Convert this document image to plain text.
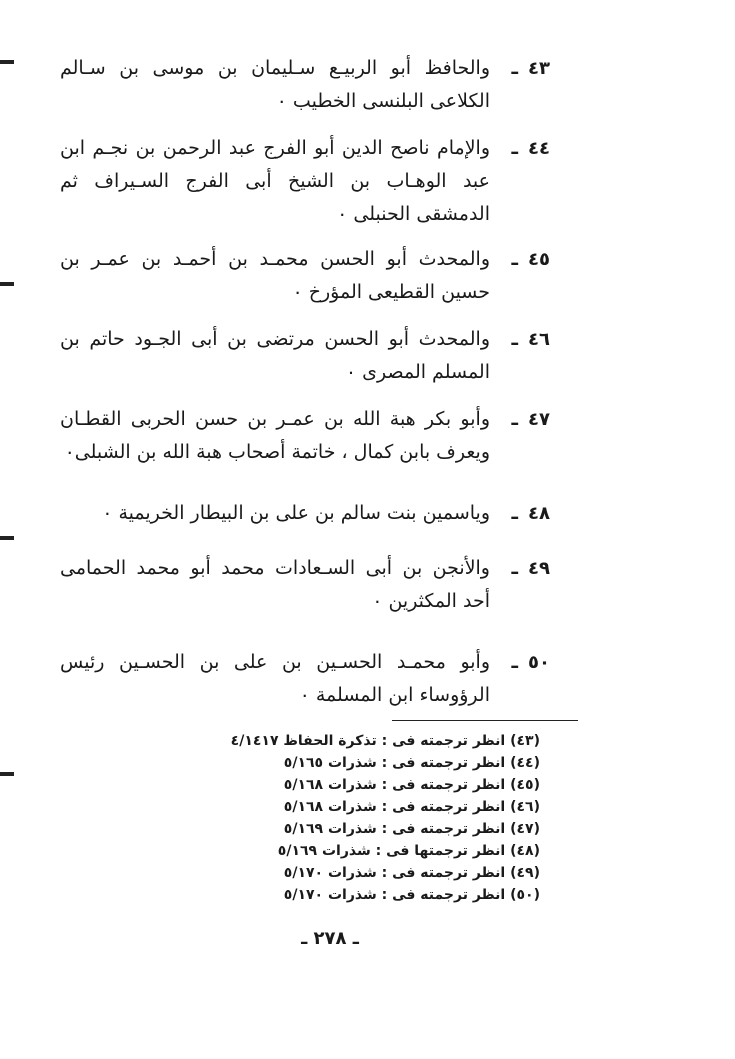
٤٣
ـ
والحافظ أبو الربيـع سـليمان بن موسى بن سـالم الكلاعى البلنسى الخطيب ٠
٤٤
ـ
والإمام ناصح الدين أبو الفرج عبد الرحمن بن نجـم ابن عبد الوهـاب بن الشيخ أبى الفرج السـيراف ثم الدمشقى الحنبلى ٠
٤٥
ـ
والمحدث أبو الحسن محمـد بن أحمـد بن عمـر بن حسين القطيعى المؤرخ ٠
٤٦
ـ
والمحدث أبو الحسن مرتضى بن أبى الجـود حاتم بن المسلم المصرى ٠
٤٧
ـ
وأبو بكر هبة الله بن عمـر بن حسن الحربى القطـان ويعرف بابن كمال ، خاتمة أصحاب هبة الله بن الشبلى٠
٤٨
ـ
وياسمين بنت سالم بن على بن البيطار الخريمية ٠
٤٩
ـ
والأنجن بن أبى السـعادات محمد أبو محمد الحمامى أحد المكثرين ٠
٥٠
ـ
وأبو محمـد الحسـين بن على بن الحسـين رئيس الرؤوساء ابن المسلمة ٠
(٤٣) انظر ترجمته فى : تذكرة الحفاظ ٤/١٤١٧
(٤٤) انظر ترجمته فى : شذرات ٥/١٦٥
(٤٥) انظر ترجمته فى : شذرات ٥/١٦٨
(٤٦) انظر ترجمته فى : شذرات ٥/١٦٨
(٤٧) انظر ترجمته فى : شذرات ٥/١٦٩
(٤٨) انظر ترجمتها فى : شذرات ٥/١٦٩
(٤٩) انظر ترجمته فى : شذرات ٥/١٧٠
(٥٠) انظر ترجمته فى : شذرات ٥/١٧٠
ـ ٢٧٨ ـ
